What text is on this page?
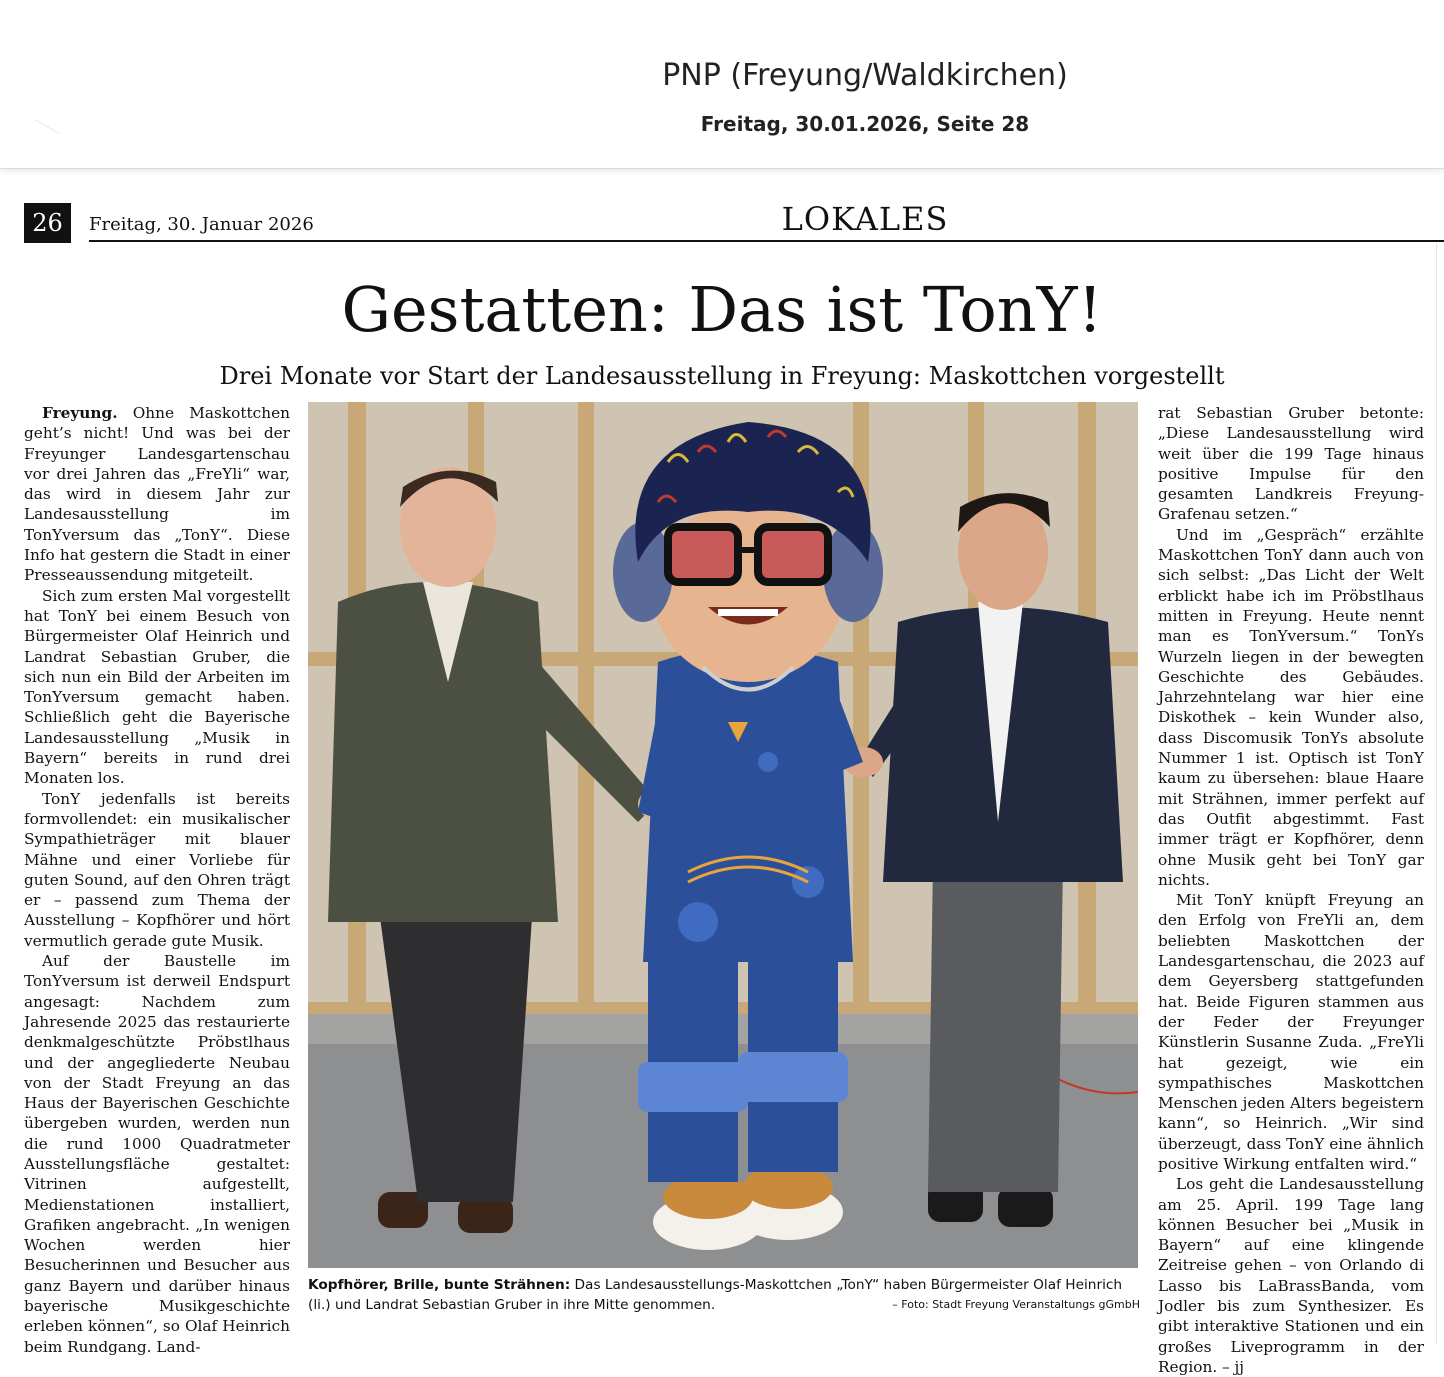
PNP (Freyung/Waldkirchen)
Freitag, 30.01.2026, Seite 28
26	Freitag, 30. Januar 2026	LOKALES
Gestatten: Das ist TonY!
Drei Monate vor Start der Landesausstellung in Freyung: Maskottchen vorgestellt

Freyung. Ohne Maskottchen geht’s nicht! Und was bei der Freyunger Landesgartenschau vor drei Jahren das „FreYli“ war, das wird in diesem Jahr zur Landesausstellung im TonYversum das „TonY“. Diese Info hat gestern die Stadt in einer Presseaussendung mitgeteilt.

Sich zum ersten Mal vorgestellt hat TonY bei einem Besuch von Bürgermeister Olaf Heinrich und Landrat Sebastian Gruber, die sich nun ein Bild der Arbeiten im TonYversum gemacht haben. Schließlich geht die Bayerische Landesausstellung „Musik in Bayern“ bereits in rund drei Monaten los.

TonY jedenfalls ist bereits formvollendet: ein musikalischer Sympathieträger mit blauer Mähne und einer Vorliebe für guten Sound, auf den Ohren trägt er – passend zum Thema der Ausstellung – Kopfhörer und hört vermutlich gerade gute Musik.

Auf der Baustelle im TonYversum ist derweil Endspurt angesagt: Nachdem zum Jahresende 2025 das restaurierte denkmalgeschützte Pröbstlhaus und der angegliederte Neubau von der Stadt Freyung an das Haus der Bayerischen Geschichte übergeben wurden, werden nun die rund 1000 Quadratmeter Ausstellungsfläche gestaltet: Vitrinen aufgestellt, Medienstationen installiert, Grafiken angebracht. „In wenigen Wochen werden hier Besucherinnen und Besucher aus ganz Bayern und darüber hinaus bayerische Musikgeschichte erleben können“, so Olaf Heinrich beim Rundgang. Land-

Kopfhörer, Brille, bunte Strähnen: Das Landesausstellungs-Maskottchen „TonY“ haben Bürgermeister Olaf Heinrich (li.) und Landrat Sebastian Gruber in ihre Mitte genommen.	– Foto: Stadt Freyung Veranstaltungs gGmbH

rat Sebastian Gruber betonte: „Diese Landesausstellung wird weit über die 199 Tage hinaus positive Impulse für den gesamten Landkreis Freyung-Grafenau setzen.“

Und im „Gespräch“ erzählte Maskottchen TonY dann auch von sich selbst: „Das Licht der Welt erblickt habe ich im Pröbstlhaus mitten in Freyung. Heute nennt man es TonYversum.“ TonYs Wurzeln liegen in der bewegten Geschichte des Gebäudes. Jahrzehntelang war hier eine Diskothek – kein Wunder also, dass Discomusik TonYs absolute Nummer 1 ist. Optisch ist TonY kaum zu übersehen: blaue Haare mit Strähnen, immer perfekt auf das Outfit abgestimmt. Fast immer trägt er Kopfhörer, denn ohne Musik geht bei TonY gar nichts.

Mit TonY knüpft Freyung an den Erfolg von FreYli an, dem beliebten Maskottchen der Landesgartenschau, die 2023 auf dem Geyersberg stattgefunden hat. Beide Figuren stammen aus der Feder der Freyunger Künstlerin Susanne Zuda. „FreYli hat gezeigt, wie ein sympathisches Maskottchen Menschen jeden Alters begeistern kann“, so Heinrich. „Wir sind überzeugt, dass TonY eine ähnlich positive Wirkung entfalten wird.“

Los geht die Landesausstellung am 25. April. 199 Tage lang können Besucher bei „Musik in Bayern“ auf eine klingende Zeitreise gehen – von Orlando di Lasso bis LaBrassBanda, vom Jodler bis zum Synthesizer. Es gibt interaktive Stationen und ein großes Liveprogramm in der Region. – jj
